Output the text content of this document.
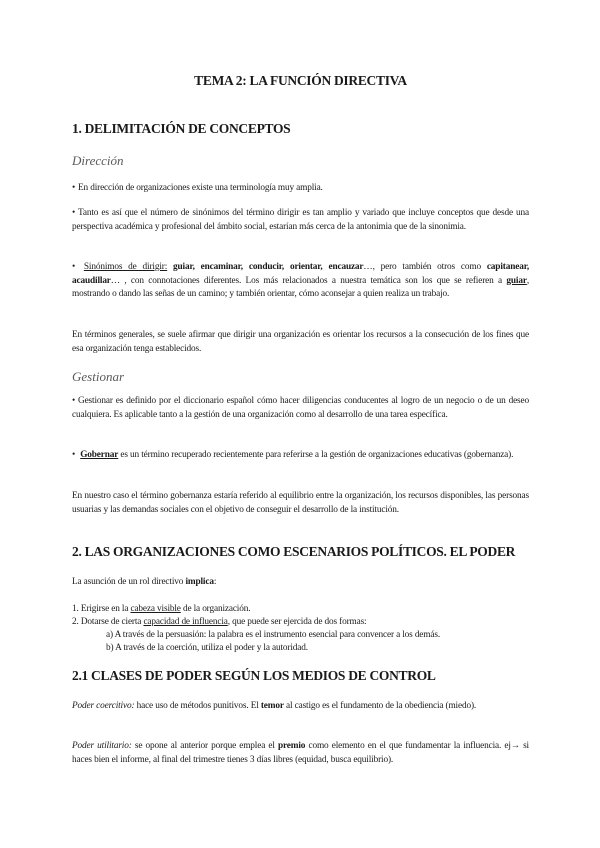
TEMA 2: LA FUNCIÓN DIRECTIVA
1. DELIMITACIÓN DE CONCEPTOS
Dirección
• En dirección de organizaciones existe una terminología muy amplia.
• Tanto es así que el número de sinónimos del término dirigir es tan amplio y variado que incluye conceptos que desde una perspectiva académica y profesional del ámbito social, estarían más cerca de la antonimia que de la sinonimia.
• Sinónimos de dirigir: guiar, encaminar, conducir, orientar, encauzar…, pero también otros como capitanear, acaudillar… , con connotaciones diferentes. Los más relacionados a nuestra temática son los que se refieren a guiar, mostrando o dando las señas de un camino; y también orientar, cómo aconsejar a quien realiza un trabajo.
En términos generales, se suele afirmar que dirigir una organización es orientar los recursos a la consecución de los fines que esa organización tenga establecidos.
Gestionar
• Gestionar es definido por el diccionario español cómo hacer diligencias conducentes al logro de un negocio o de un deseo cualquiera. Es aplicable tanto a la gestión de una organización como al desarrollo de una tarea específica.
• Gobernar es un término recuperado recientemente para referirse a la gestión de organizaciones educativas (gobernanza).
En nuestro caso el término gobernanza estaría referido al equilibrio entre la organización, los recursos disponibles, las personas usuarias y las demandas sociales con el objetivo de conseguir el desarrollo de la institución.
2. LAS ORGANIZACIONES COMO ESCENARIOS POLÍTICOS. EL PODER
La asunción de un rol directivo implica:
1. Erigirse en la cabeza visible de la organización.
2. Dotarse de cierta capacidad de influencia, que puede ser ejercida de dos formas:
a) A través de la persuasión: la palabra es el instrumento esencial para convencer a los demás.
b) A través de la coerción, utiliza el poder y la autoridad.
2.1 CLASES DE PODER SEGÚN LOS MEDIOS DE CONTROL
Poder coercitivo: hace uso de métodos punitivos. El temor al castigo es el fundamento de la obediencia (miedo).
Poder utilitario: se opone al anterior porque emplea el premio como elemento en el que fundamentar la influencia. ej→ si haces bien el informe, al final del trimestre tienes 3 días libres (equidad, busca equilibrio).
